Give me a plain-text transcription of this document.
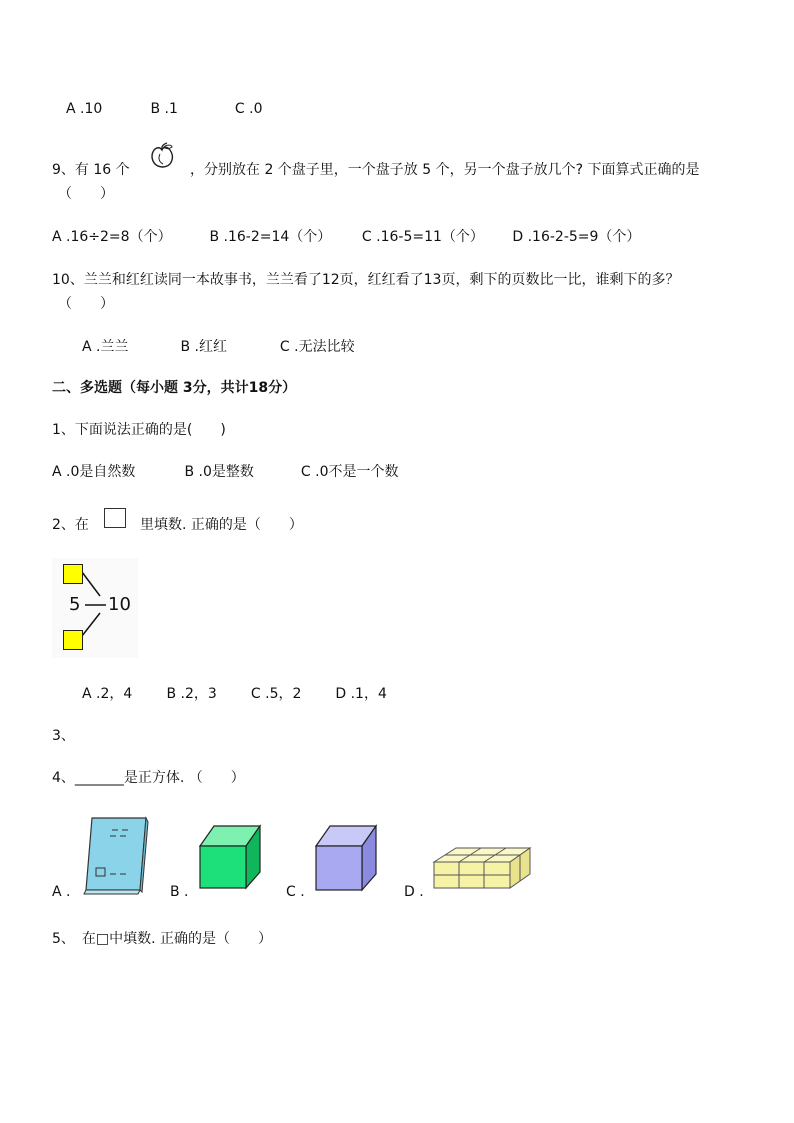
A .10	B .1	C .0
9、有 16 个	，分别放在 2 个盘子里，一个盘子放 5 个，另一个盘子放几个? 下面算式正确的是
（　　）
A .16÷2=8（个）	B .16-2=14（个） C .16-5=11（个） D .16-2-5=9（个）
10、兰兰和红红读同一本故事书，兰兰看了12页，红红看了13页，剩下的页数比一比，谁剩下的多？
（　　）
A .兰兰	B .红红	C .无法比较
二、多选题（每小题 3分，共计18分）
1、下面说法正确的是(　　)
A .0是自然数	B .0是整数	C .0不是一个数
2、在	里填数. 正确的是（　　）
5 10
A .2，4 B .2，3 C .5，2 D .1，4
3、
4、_______是正方体. （　　）
A .	B .	C .	D .
5、　在□中填数. 正确的是（　　）
